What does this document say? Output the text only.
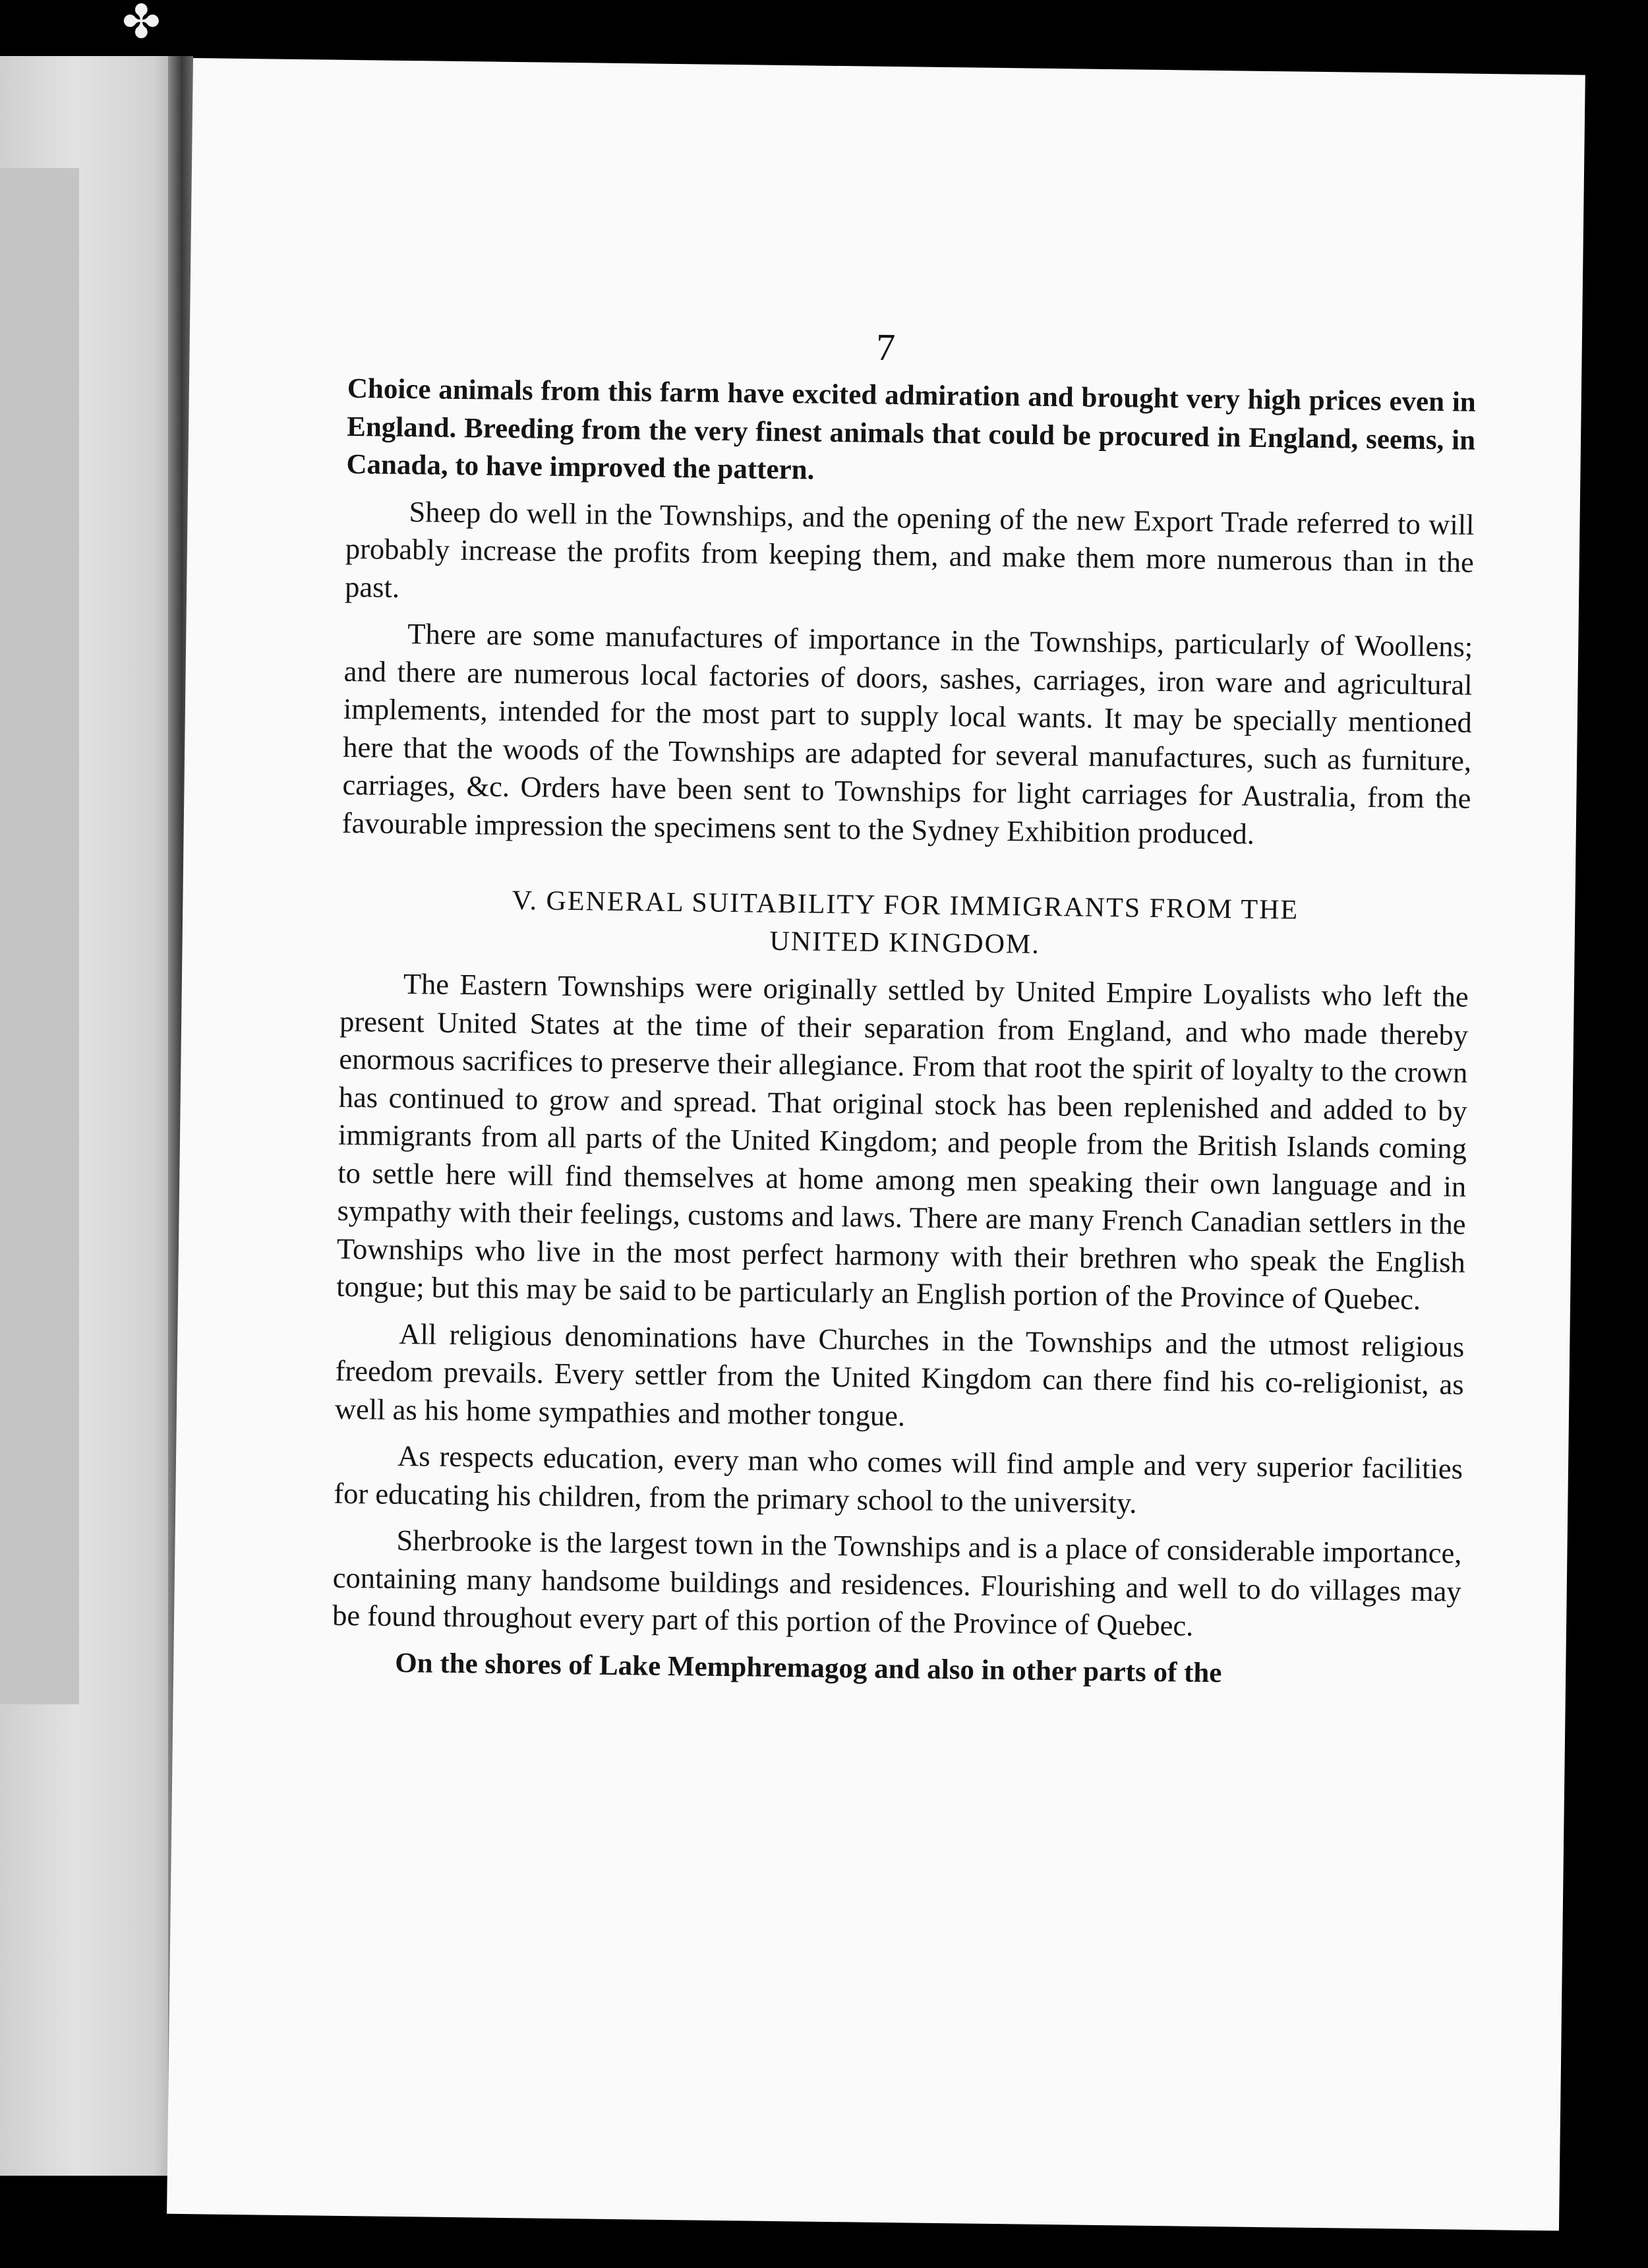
✤
7

Choice animals from this farm have excited admiration and brought very high prices even in England. Breeding from the very finest animals that could be procured in England, seems, in Canada, to have improved the pattern.

Sheep do well in the Townships, and the opening of the new Export Trade referred to will probably increase the profits from keeping them, and make them more numerous than in the past.

There are some manufactures of importance in the Townships, particularly of Woollens; and there are numerous local factories of doors, sashes, carriages, iron ware and agricultural implements, intended for the most part to supply local wants. It may be specially mentioned here that the woods of the Townships are adapted for several manufactures, such as furniture, carriages, &c. Orders have been sent to Townships for light carriages for Australia, from the favourable impression the specimens sent to the Sydney Exhibition produced.

V. GENERAL SUITABILITY FOR IMMIGRANTS FROM THE
UNITED KINGDOM.

The Eastern Townships were originally settled by United Empire Loyalists who left the present United States at the time of their separation from England, and who made thereby enormous sacrifices to preserve their allegiance. From that root the spirit of loyalty to the crown has continued to grow and spread. That original stock has been replenished and added to by immigrants from all parts of the United Kingdom; and people from the British Islands coming to settle here will find themselves at home among men speaking their own language and in sympathy with their feelings, customs and laws. There are many French Canadian settlers in the Townships who live in the most perfect harmony with their brethren who speak the English tongue; but this may be said to be particularly an English portion of the Province of Quebec.

All religious denominations have Churches in the Townships and the utmost religious freedom prevails. Every settler from the United Kingdom can there find his co-religionist, as well as his home sympathies and mother tongue.

As respects education, every man who comes will find ample and very superior facilities for educating his children, from the primary school to the university.

Sherbrooke is the largest town in the Townships and is a place of considerable importance, containing many handsome buildings and residences. Flourishing and well to do villages may be found throughout every part of this portion of the Province of Quebec.

On the shores of Lake Memphremagog and also in other parts of the
